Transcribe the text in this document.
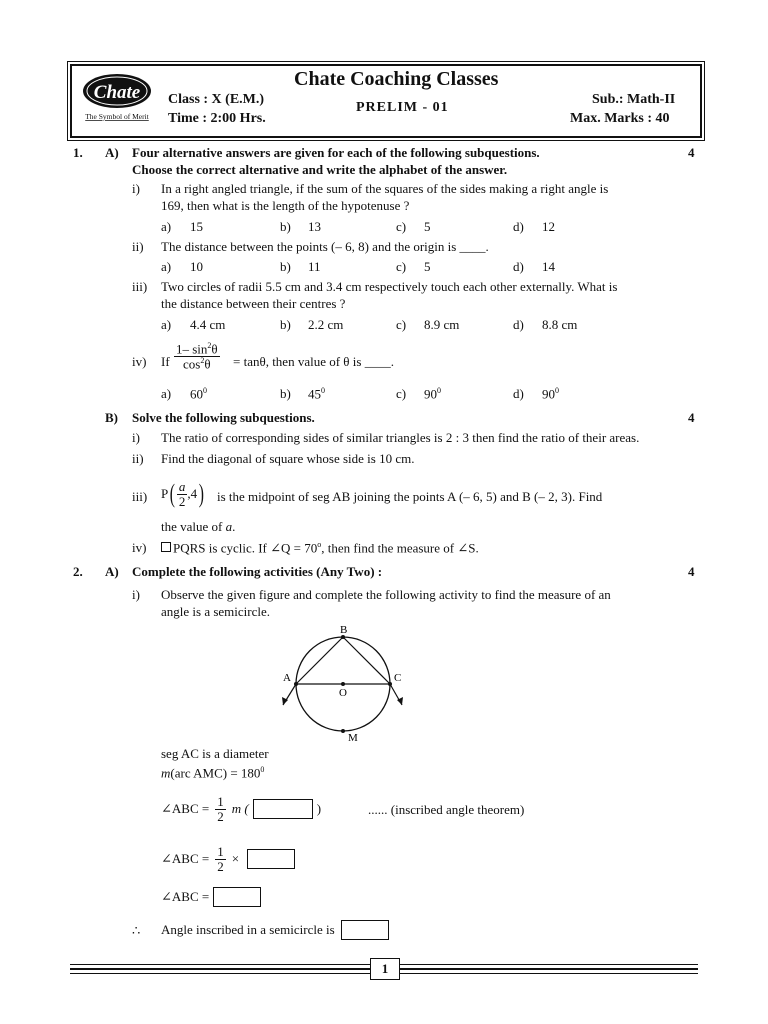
Chate
The Symbol of Merit
Chate Coaching Classes
Class : X (E.M.)
Time : 2:00 Hrs.
PRELIM - 01
Sub.: Math-II
Max. Marks : 40
1. A) Four alternative answers are given for each of the following subquestions.
Choose the correct alternative and write the alphabet of the answer.
4
i) In a right angled triangle, if the sum of the squares of the sides making a right angle is
169, then what is the length of the hypotenuse ?
a) 15	b) 13	c) 5	d) 12
ii) The distance between the points (– 6, 8) and the origin is ____.
a) 10	b) 11	c) 5	d) 14
iii) Two circles of radii 5.5 cm and 3.4 cm respectively touch each other externally. What is
the distance between their centres ?
a) 4.4 cm	b) 2.2 cm	c) 8.9 cm	d) 8.8 cm
iv) If $\frac{1- \sin^2\theta}{\cos^2\theta} = \tan\theta$, then value of θ is ____.
a) $60^0$	b) $45^0$	c) $90^0$	d) $90^0$
B) Solve the following subquestions.	4
i) The ratio of corresponding sides of similar triangles is 2 : 3 then find the ratio of their areas.
ii) Find the diagonal of square whose side is 10 cm.
iii) P ( $\frac{a}{2} ,4$ ) is the midpoint of seg AB joining the points A (– 6, 5) and B (– 2, 3). Find
the value of a.
iv)	PQRS is cyclic. If ∠Q = $70^o$, then find the measure of ∠S.
2. A) Complete the following activities (Any Two) :	4
i) Observe the given figure and complete the following activity to find the measure of an
angle is a semicircle.
B
A	C
O
M
seg AC is a diameter
m(arc $AMC) = 180^0$
∠ABC = $\frac{1}{2}$ m (	)	...... (inscribed angle theorem)
∠ABC = $\frac{1}{2}$ ×
∠ABC =
∴ Angle inscribed in a semicircle is
1
